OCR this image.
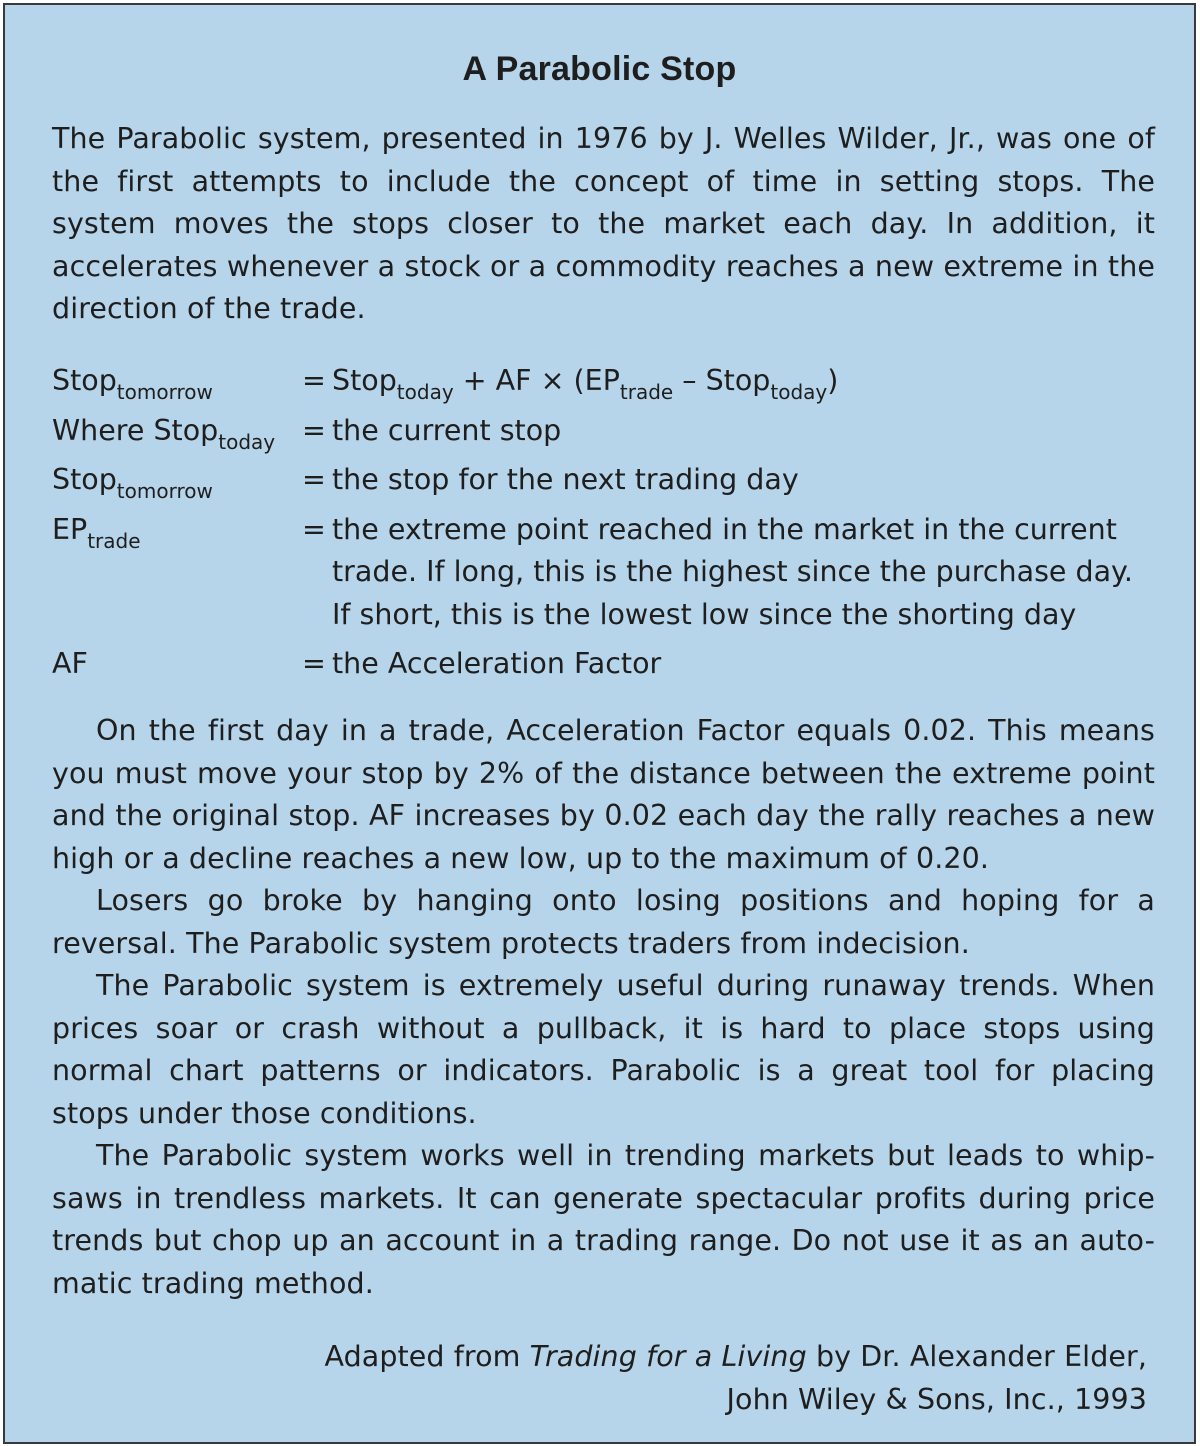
A Parabolic Stop

The Parabolic system, presented in 1976 by J. Welles Wilder, Jr., was one of the first attempts to include the concept of time in setting stops. The system moves the stops closer to the market each day. In addition, it accelerates whenever a stock or a commodity reaches a new extreme in the direction of the trade.

Stop$_{tomorrow}$	= Stop$_{today}$ + AF × ($EP_{trade}$ – Stop$_{today}$)
Where Stop$_{today}$ = the current stop
Stop$_{tomorrow}$	= the stop for the next trading day
$EP_{trade}$	= the extreme point reached in the market in the current
trade. If long, this is the highest since the purchase day.
If short, this is the lowest low since the shorting day
AF	= the Acceleration Factor

On the first day in a trade, Acceleration Factor equals 0.02. This means you must move your stop by 2% of the distance between the extreme point and the original stop. AF increases by 0.02 each day the rally reaches a new high or a decline reaches a new low, up to the maximum of 0.20.

Losers go broke by hanging onto losing positions and hoping for a reversal. The Parabolic system protects traders from indecision.

The Parabolic system is extremely useful during runaway trends. When prices soar or crash without a pullback, it is hard to place stops using normal chart patterns or indicators. Parabolic is a great tool for placing stops under those conditions.

The Parabolic system works well in trending markets but leads to whip-saws in trendless markets. It can generate spectacular profits during price trends but chop up an account in a trading range. Do not use it as an auto-matic trading method.

Adapted from Trading for a Living by Dr. Alexander Elder,
John Wiley & Sons, Inc., 1993
